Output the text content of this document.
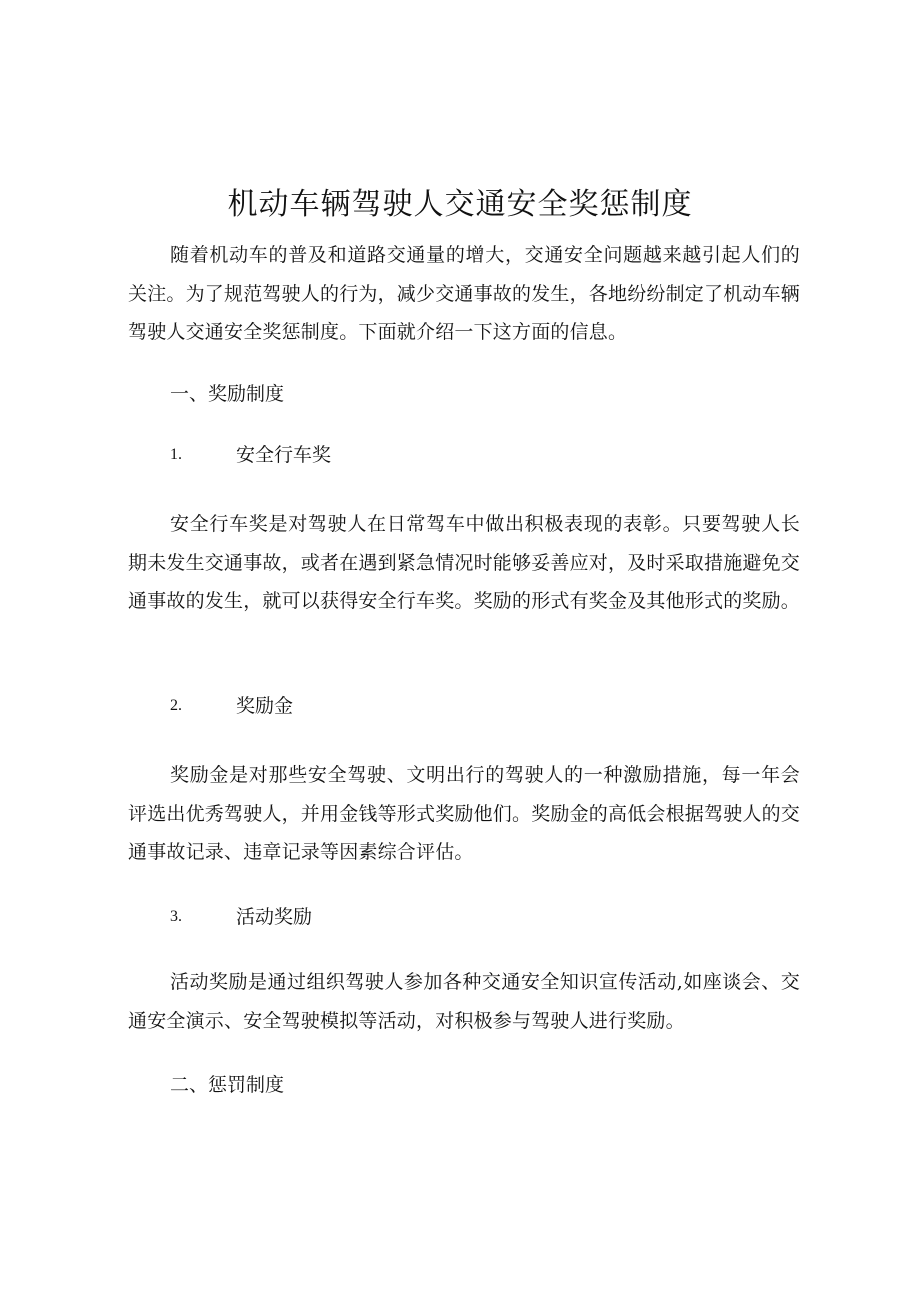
机动车辆驾驶人交通安全奖惩制度

随着机动车的普及和道路交通量的增大，交通安全问题越来越引起人们的关注。为了规范驾驶人的行为，减少交通事故的发生，各地纷纷制定了机动车辆驾驶人交通安全奖惩制度。下面就介绍一下这方面的信息。

一、奖励制度

1.	安全行车奖

安全行车奖是对驾驶人在日常驾车中做出积极表现的表彰。只要驾驶人长期未发生交通事故，或者在遇到紧急情况时能够妥善应对，及时采取措施避免交通事故的发生，就可以获得安全行车奖。奖励的形式有奖金及其他形式的奖励。

2.	奖励金

奖励金是对那些安全驾驶、文明出行的驾驶人的一种激励措施，每一年会评选出优秀驾驶人，并用金钱等形式奖励他们。奖励金的高低会根据驾驶人的交通事故记录、违章记录等因素综合评估。

3.	活动奖励

活动奖励是通过组织驾驶人参加各种交通安全知识宣传活动,如座谈会、交通安全演示、安全驾驶模拟等活动，对积极参与驾驶人进行奖励。

二、惩罚制度
